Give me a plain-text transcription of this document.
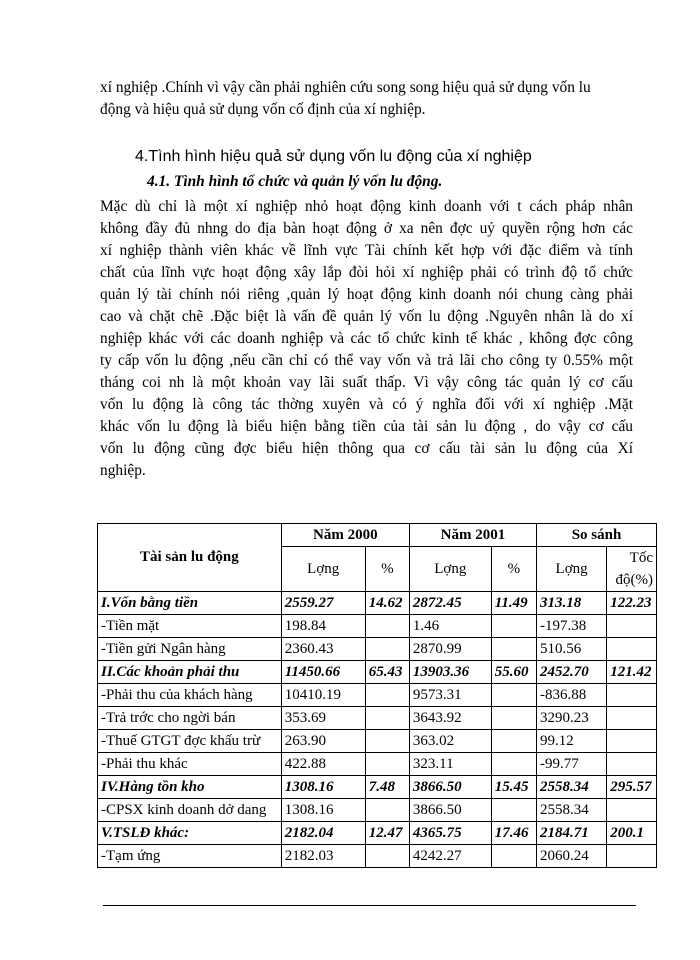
xí nghiệp .Chính vì vậy cần phải nghiên cứu song song hiệu quả sử dụng vốn lu
động và hiệu quả sử dụng vốn cố định của xí nghiệp.
4.Tình hình hiệu quả sử dụng vốn lu động của xí nghiệp
4.1. Tình hình tổ chức và quản lý vốn lu động.
Mặc dù chỉ là một xí nghiệp nhỏ hoạt động kinh doanh với t cách pháp nhân
không đầy đủ nhng do địa bàn hoạt động ở xa nên đợc uỷ quyền rộng hơn các
xí nghiệp thành viên khác về lĩnh vực Tài chính kết hợp với đặc điểm và tính
chất của lĩnh vực hoạt động xây lắp đòi hỏi xí nghiệp phải có trình độ tổ chức
quản lý tài chính nói riêng ,quản lý hoạt động kinh doanh nói chung càng phải
cao và chặt chẽ .Đặc biệt là vấn đề quản lý vốn lu động .Nguyên nhân là do xí
nghiệp khác với các doanh nghiệp và các tổ chức kinh tế khác , không đợc công
ty cấp vốn lu động ,nếu cần chỉ có thể vay vốn và trả lãi cho công ty 0.55% một
tháng coi nh là một khoản vay lãi suất thấp. Vì vậy công tác quản lý cơ cấu
vốn lu động là công tác thờng xuyên và có ý nghĩa đối với xí nghiệp .Mặt
khác vốn lu động là biểu hiện bằng tiền của tài sản lu động , do vậy cơ cấu
vốn lu động cũng đợc biểu hiện thông qua cơ cấu tài sản lu động của Xí
nghiệp.
Tài sản lu động	Năm 2000		Năm 2001		So sánh	
	Lợng	%	Lợng	%	Lợng	Tốc độ(%)
I.Vốn bằng tiền	2559.27	14.62	2872.45	11.49	313.18	122.23
-Tiền mặt	198.84		1.46		-197.38	
-Tiền gửi Ngân hàng	2360.43		2870.99		510.56	
II.Các khoản phải thu	11450.66	65.43	13903.36	55.60	2452.70	121.42
-Phải thu của khách hàng	10410.19		9573.31		-836.88	
-Trả trớc cho ngời bán	353.69		3643.92		3290.23	
-Thuế GTGT đợc khấu trừ	263.90		363.02		99.12	
-Phải thu khác	422.88		323.11		-99.77	
IV.Hàng tồn kho	1308.16	7.48	3866.50	15.45	2558.34	295.57
-CPSX kinh doanh dở dang	1308.16		3866.50		2558.34	
V.TSLĐ khác:	2182.04	12.47	4365.75	17.46	2184.71	200.1
-Tạm ứng	2182.03		4242.27		2060.24	
